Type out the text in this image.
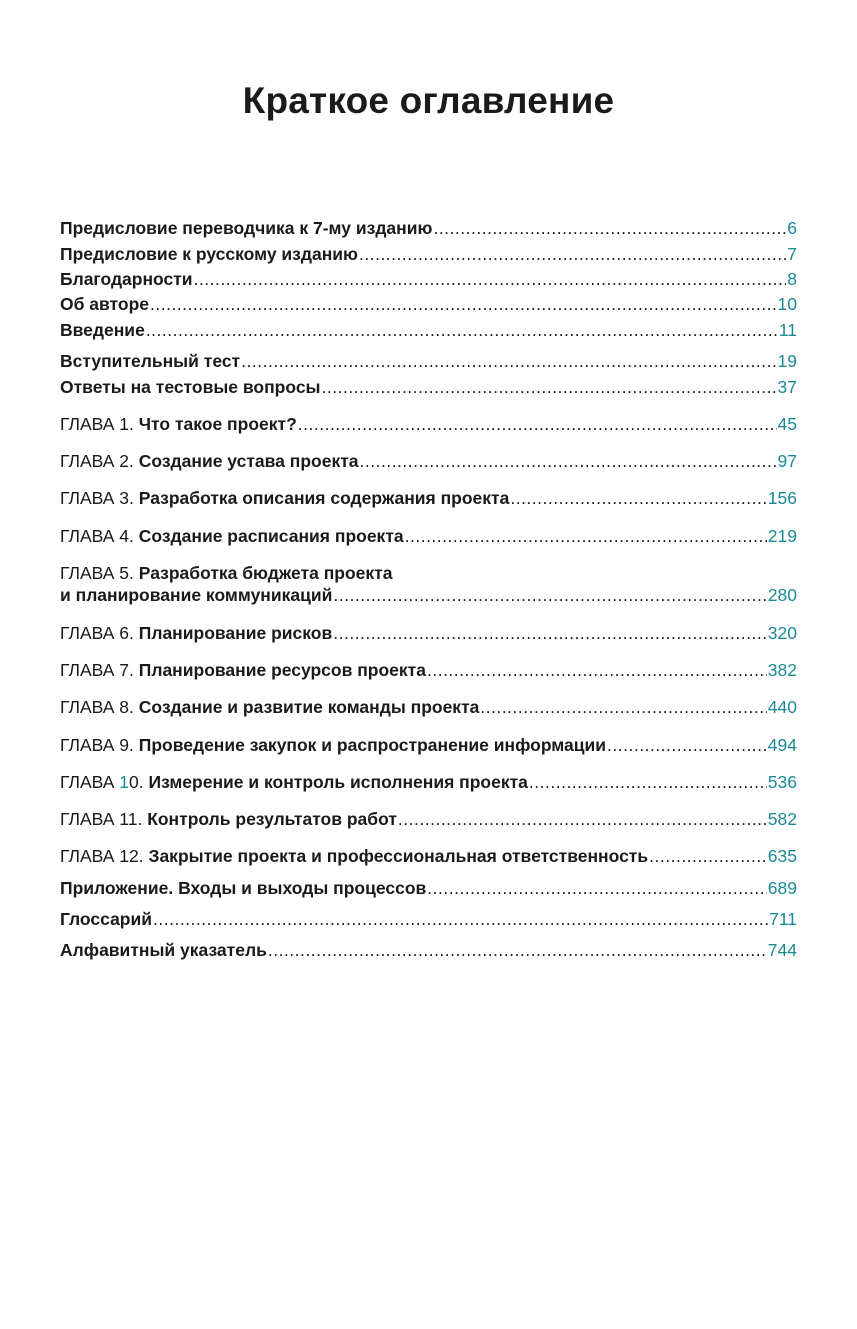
Краткое оглавление
Предисловие переводчика к 7-му изданию .....	6
Предисловие к русскому изданию .....	7
Благодарности .....	8
Об авторе .....	10
Введение .....	11
Вступительный тест .....	19
Ответы на тестовые вопросы .....	37
ГЛАВА 1. Что такое проект? .....	45
ГЛАВА 2. Создание устава проекта .....	97
ГЛАВА 3. Разработка описания содержания проекта .....	156
ГЛАВА 4. Создание расписания проекта .....	219
ГЛАВА 5. Разработка бюджета проекта
и планирование коммуникаций .....	280
ГЛАВА 6. Планирование рисков .....	320
ГЛАВА 7. Планирование ресурсов проекта .....	382
ГЛАВА 8. Создание и развитие команды проекта .....	440
ГЛАВА 9. Проведение закупок и распространение информации .....	494
ГЛАВА 10. Измерение и контроль исполнения проекта .....	536
ГЛАВА 11. Контроль результатов работ .....	582
ГЛАВА 12. Закрытие проекта и профессиональная ответственность .....	635
Приложение. Входы и выходы процессов .....	689
Глоссарий .....	711
Алфавитный указатель .....	744
